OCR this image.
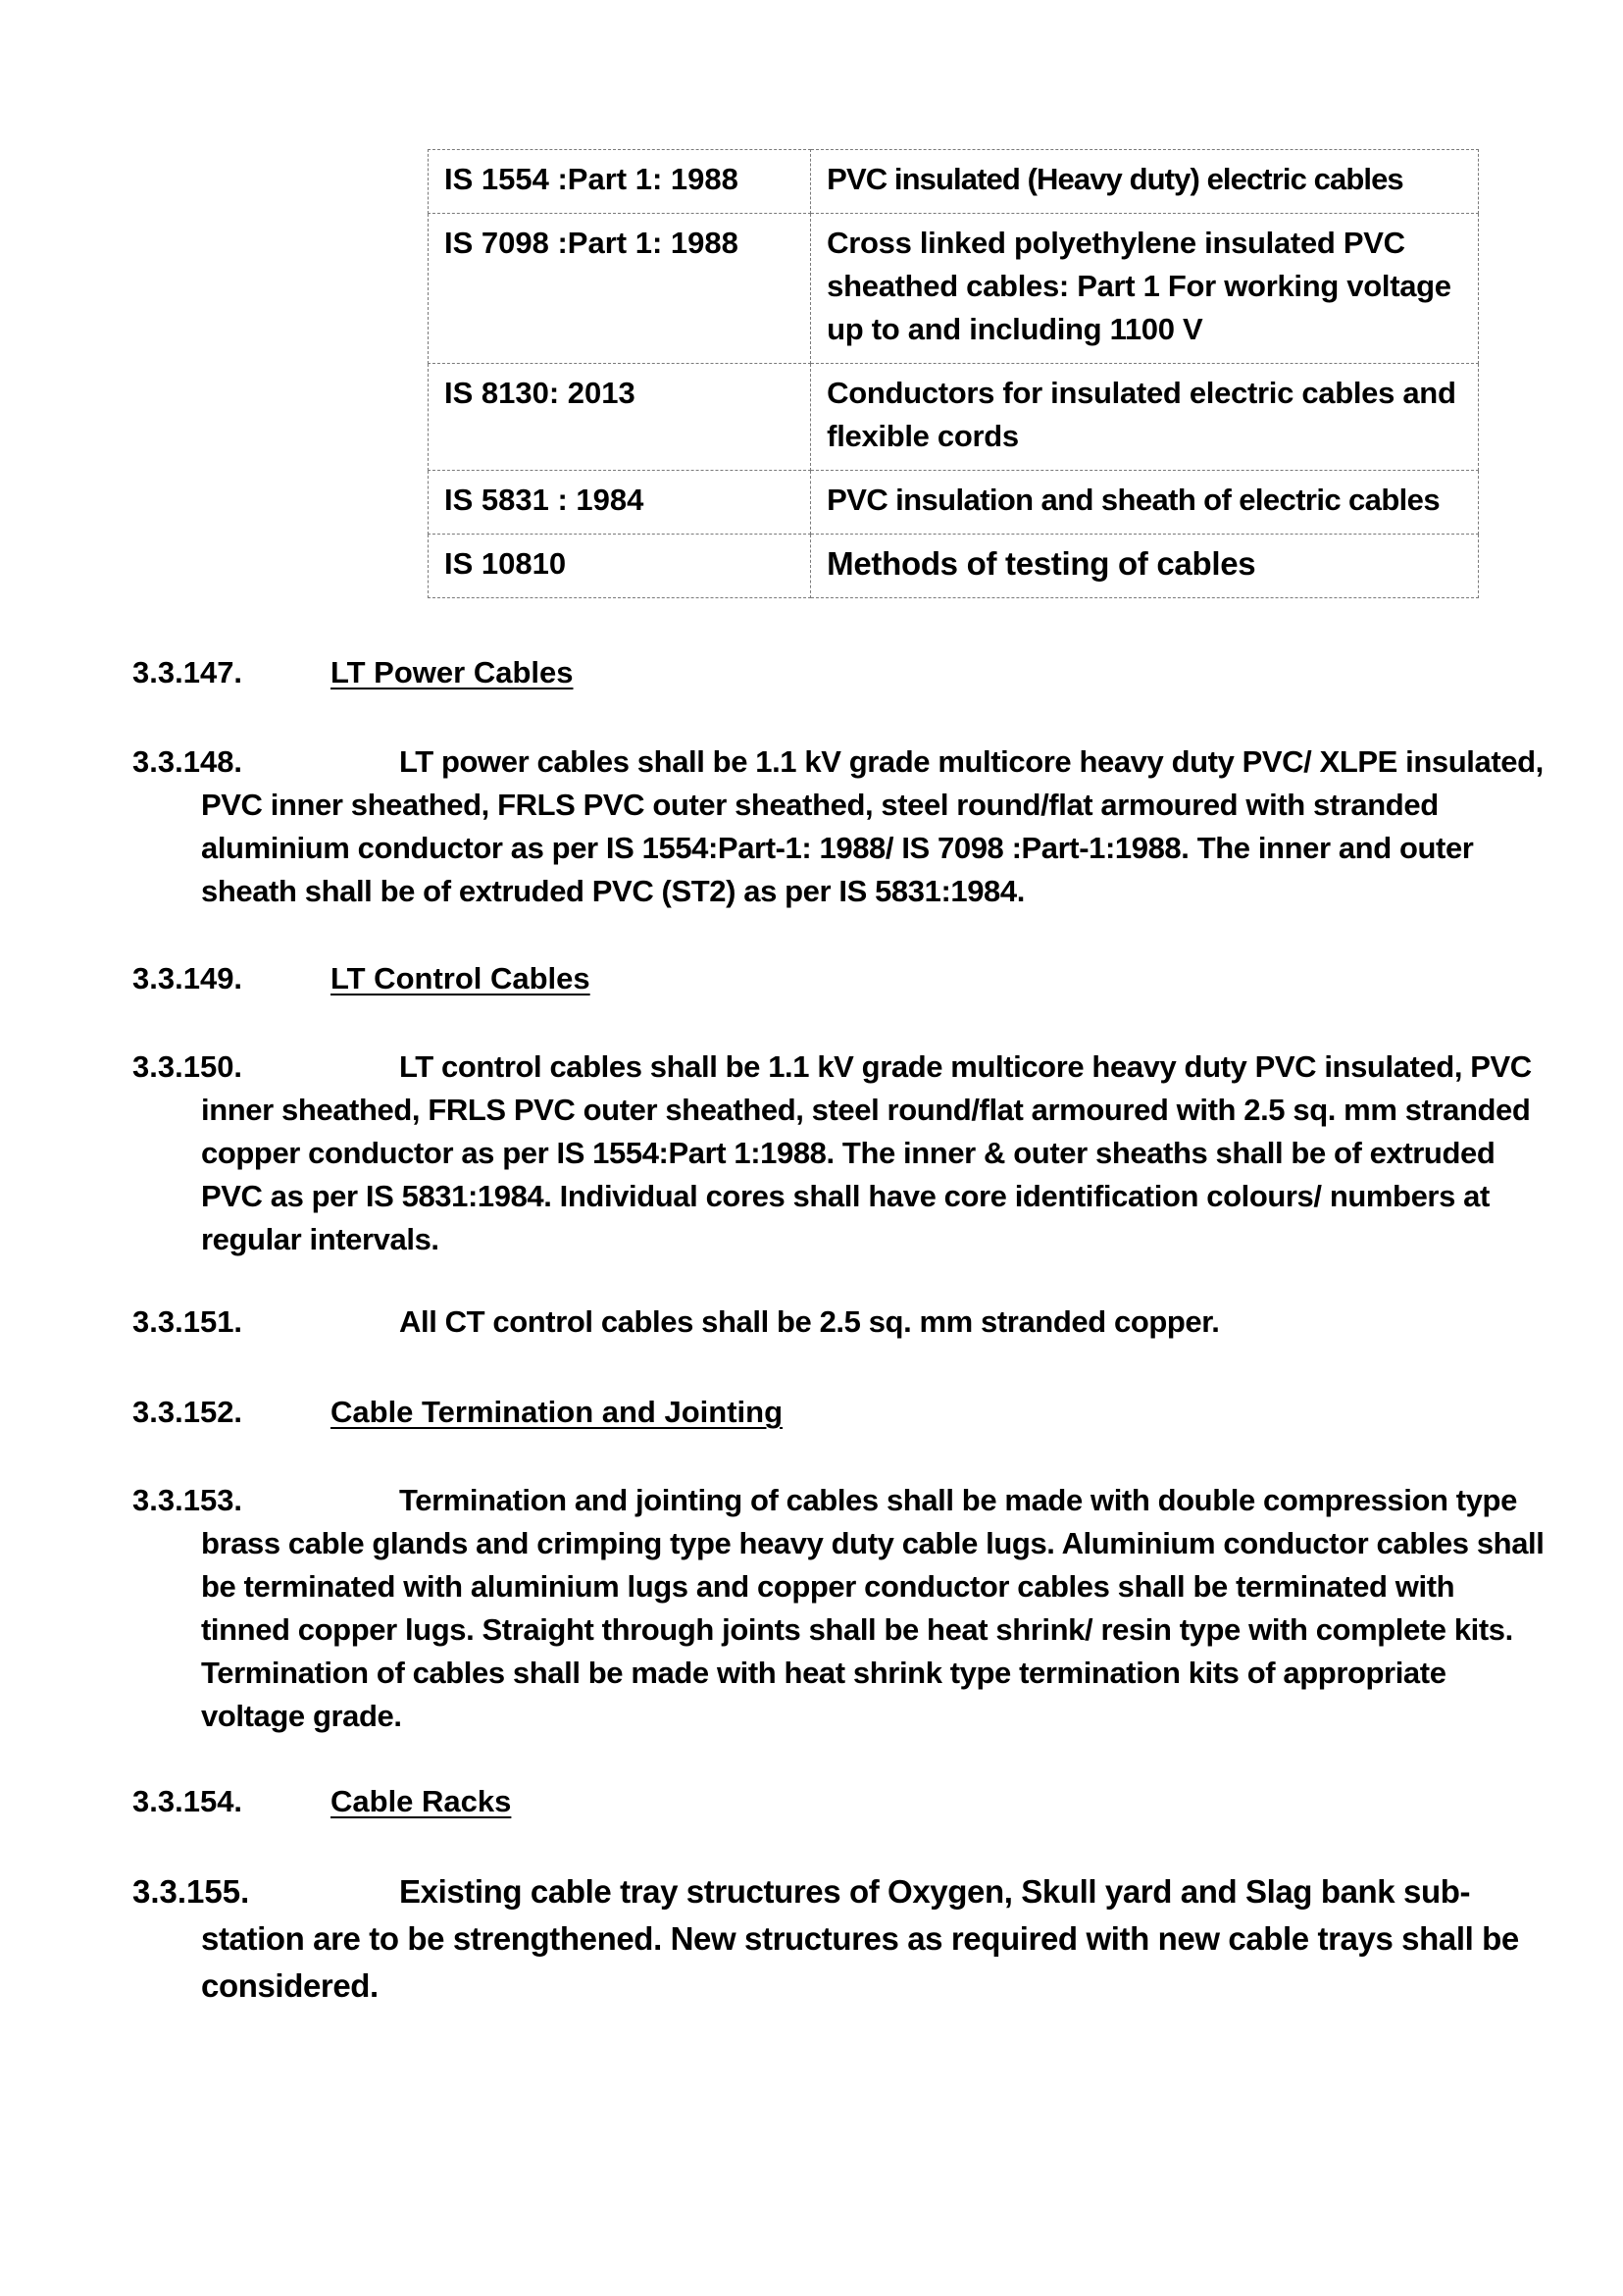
IS 1554 :Part 1: 1988	PVC insulated (Heavy duty) electric cables
IS 7098 :Part 1: 1988	Cross linked polyethylene insulated PVC sheathed cables: Part 1 For working voltage up to and including 1100 V
IS 8130: 2013	Conductors for insulated electric cables and flexible cords
IS 5831 : 1984	PVC insulation and sheath of electric cables
IS 10810	Methods of testing of cables
3.3.147.	LT Power Cables
3.3.148.	LT power cables shall be 1.1 kV grade multicore heavy duty PVC/ XLPE insulated, PVC inner sheathed, FRLS PVC outer sheathed, steel round/flat armoured with stranded aluminium conductor as per IS 1554:Part-1: 1988/ IS 7098 :Part-1:1988. The inner and outer sheath shall be of extruded PVC (ST2) as per IS 5831:1984.
3.3.149.	LT Control Cables
3.3.150.	LT control cables shall be 1.1 kV grade multicore heavy duty PVC insulated, PVC inner sheathed, FRLS PVC outer sheathed, steel round/flat armoured with 2.5 sq. mm stranded copper conductor as per IS 1554:Part 1:1988. The inner & outer sheaths shall be of extruded PVC as per IS 5831:1984. Individual cores shall have core identification colours/ numbers at regular intervals.
3.3.151.	All CT control cables shall be 2.5 sq. mm stranded copper.
3.3.152.	Cable Termination and Jointing
3.3.153.	Termination and jointing of cables shall be made with double compression type brass cable glands and crimping type heavy duty cable lugs. Aluminium conductor cables shall be terminated with aluminium lugs and copper conductor cables shall be terminated with tinned copper lugs. Straight through joints shall be heat shrink/ resin type with complete kits. Termination of cables shall be made with heat shrink type termination kits of appropriate voltage grade.
3.3.154.	Cable Racks
3.3.155.	Existing cable tray structures of Oxygen, Skull yard and Slag bank sub-station are to be strengthened. New structures as required with new cable trays shall be considered.
